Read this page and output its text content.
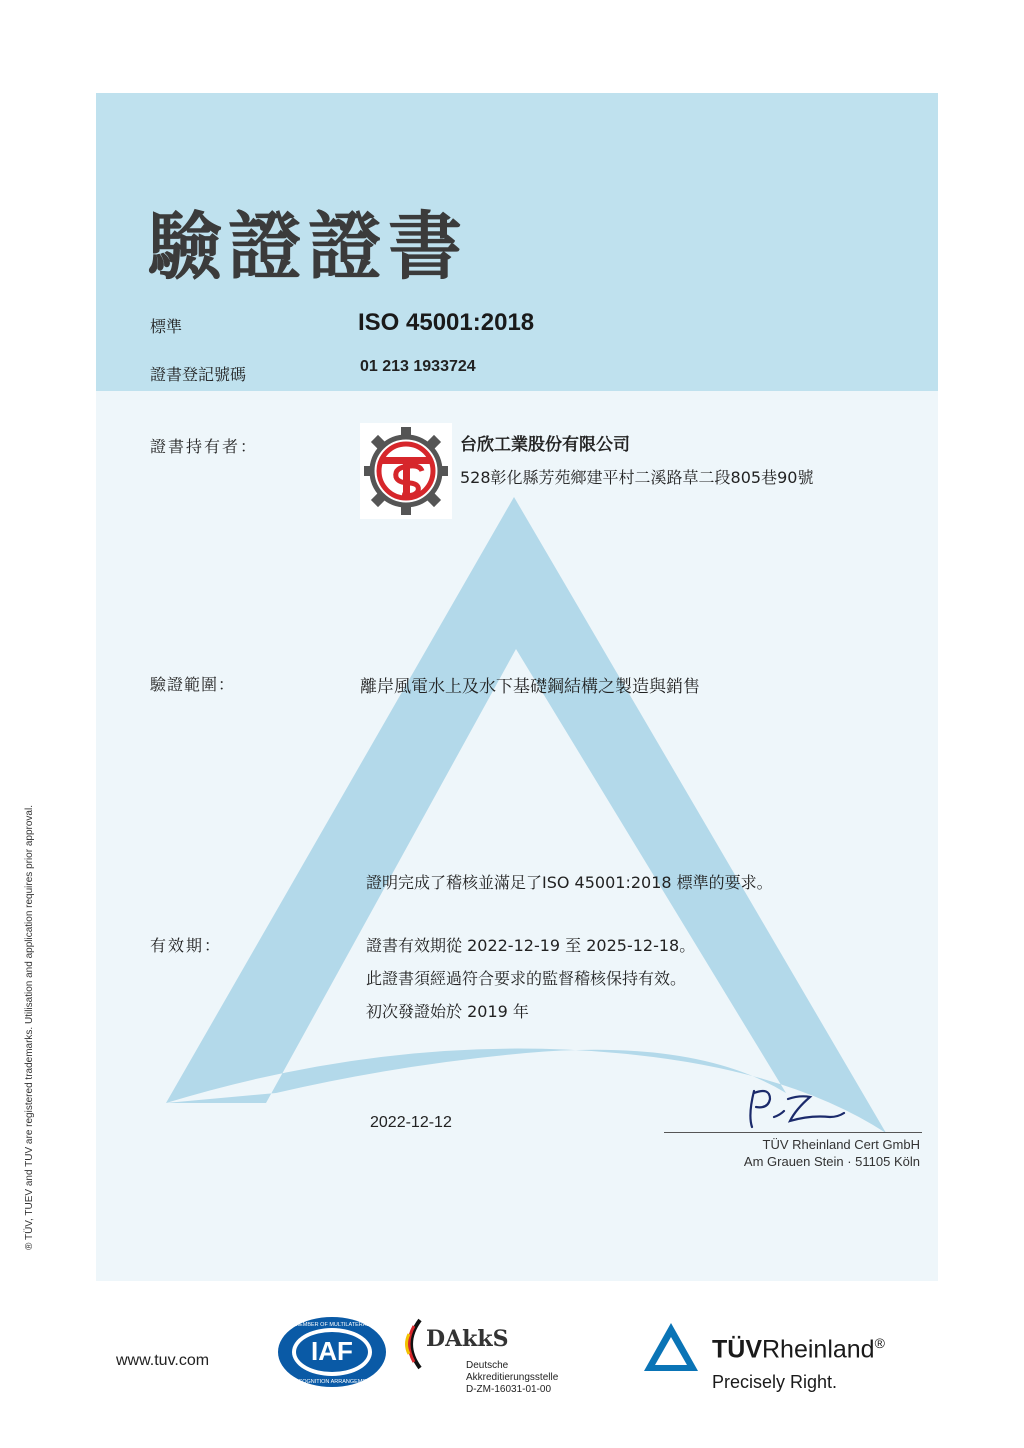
驗證證書
標準	ISO 45001:2018
證書登記號碼	01 213 1933724
證書持有者：	台欣工業股份有限公司
528彰化縣芳苑鄉建平村二溪路草二段805巷90號
驗證範圍：	離岸風電水上及水下基礎鋼結構之製造與銷售
證明完成了稽核並滿足了ISO 45001:2018 標準的要求。
有效期：	證書有效期從 2022-12-19 至 2025-12-18。
此證書須經過符合要求的監督稽核保持有效。
初次發證始於 2019 年
2022-12-12
TÜV Rheinland Cert GmbH
Am Grauen Stein · 51105 Köln
® TÜV, TUEV and TUV are registered trademarks. Utilisation and application requires prior approval.
www.tuv.com	IAF
MEMBER OF MULTILATERAL
RECOGNITION ARRANGEMENT
DAkkS
Deutsche
Akkreditierungsstelle
D-ZM-16031-01-00
TÜVRheinland®
Precisely Right.
